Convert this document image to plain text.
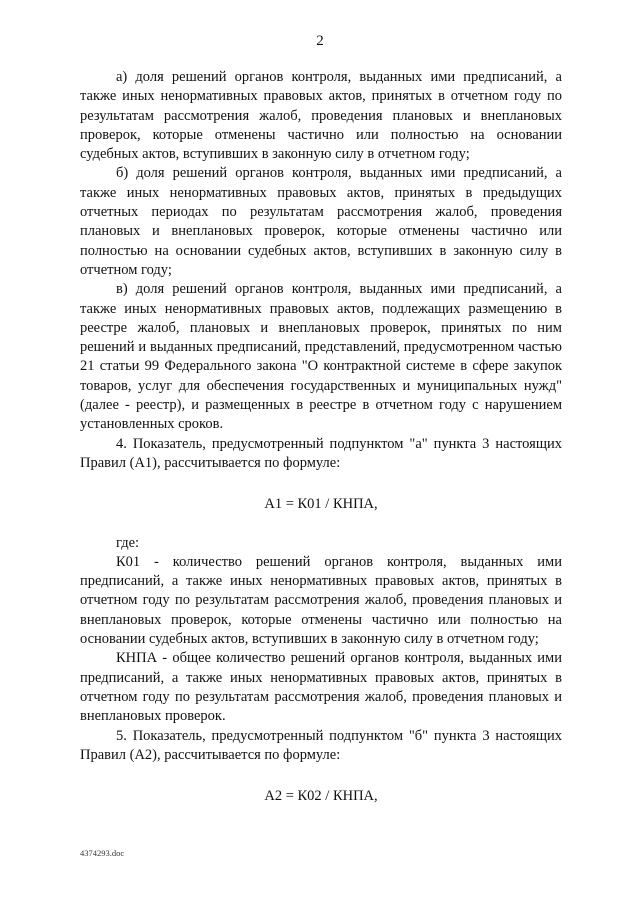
2

а) доля решений органов контроля, выданных ими предписаний, а также иных ненормативных правовых актов, принятых в отчетном году по результатам рассмотрения жалоб, проведения плановых и внеплановых проверок, которые отменены частично или полностью на основании судебных актов, вступивших в законную силу в отчетном году;

б) доля решений органов контроля, выданных ими предписаний, а также иных ненормативных правовых актов, принятых в предыдущих отчетных периодах по результатам рассмотрения жалоб, проведения плановых и внеплановых проверок, которые отменены частично или полностью на основании судебных актов, вступивших в законную силу в отчетном году;

в) доля решений органов контроля, выданных ими предписаний, а также иных ненормативных правовых актов, подлежащих размещению в реестре жалоб, плановых и внеплановых проверок, принятых по ним решений и выданных предписаний, представлений, предусмотренном частью 21 статьи 99 Федерального закона "О контрактной системе в сфере закупок товаров, услуг для обеспечения государственных и муниципальных нужд" (далее - реестр), и размещенных в реестре в отчетном году с нарушением установленных сроков.

4. Показатель, предусмотренный подпунктом "а" пункта 3 настоящих Правил (А1), рассчитывается по формуле:

А1 = К01 / КНПА,

где:

К01 - количество решений органов контроля, выданных ими предписаний, а также иных ненормативных правовых актов, принятых в отчетном году по результатам рассмотрения жалоб, проведения плановых и внеплановых проверок, которые отменены частично или полностью на основании судебных актов, вступивших в законную силу в отчетном году;

КНПА - общее количество решений органов контроля, выданных ими предписаний, а также иных ненормативных правовых актов, принятых в отчетном году по результатам рассмотрения жалоб, проведения плановых и внеплановых проверок.

5. Показатель, предусмотренный подпунктом "б" пункта 3 настоящих Правил (А2), рассчитывается по формуле:

А2 = К02 / КНПА,

4374293.doc
